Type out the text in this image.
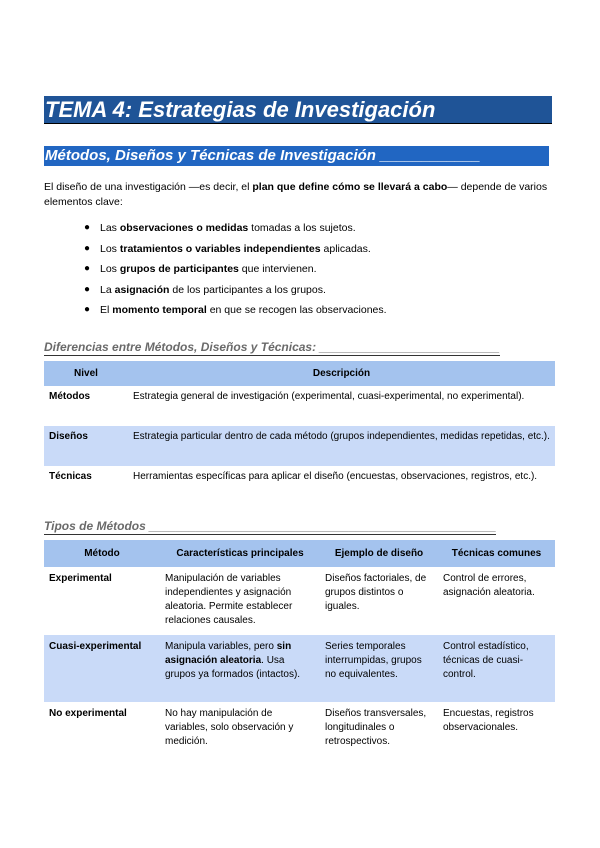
TEMA 4: Estrategias de Investigación
Métodos, Diseños y Técnicas de Investigación ____________

El diseño de una investigación —es decir, el plan que define cómo se llevará a cabo— depende de varios elementos clave:

● Las observaciones o medidas tomadas a los sujetos.
● Los tratamientos o variables independientes aplicadas.
● Los grupos de participantes que intervienen.
● La asignación de los participantes a los grupos.
● El momento temporal en que se recogen las observaciones.
Diferencias entre Métodos, Diseños y Técnicas: ___________________________
Nivel	Descripción
Métodos	Estrategia general de investigación (experimental, cuasi-experimental, no experimental).
Diseños	Estrategia particular dentro de cada método (grupos independientes, medidas repetidas, etc.).
Técnicas	Herramientas específicas para aplicar el diseño (encuestas, observaciones, registros, etc.).
Tipos de Métodos ____________________________________________________
Método	Características principales	Ejemplo de diseño	Técnicas comunes
Experimental	Manipulación de variables independientes y asignación aleatoria. Permite establecer relaciones causales.	Diseños factoriales, de grupos distintos o iguales.	Control de errores, asignación aleatoria.
Cuasi-experimental	Manipula variables, pero sin asignación aleatoria. Usa grupos ya formados (intactos).	Series temporales interrumpidas, grupos no equivalentes.	Control estadístico, técnicas de cuasi-control.
No experimental	No hay manipulación de variables, solo observación y medición.	Diseños transversales, longitudinales o retrospectivos.	Encuestas, registros observacionales.
